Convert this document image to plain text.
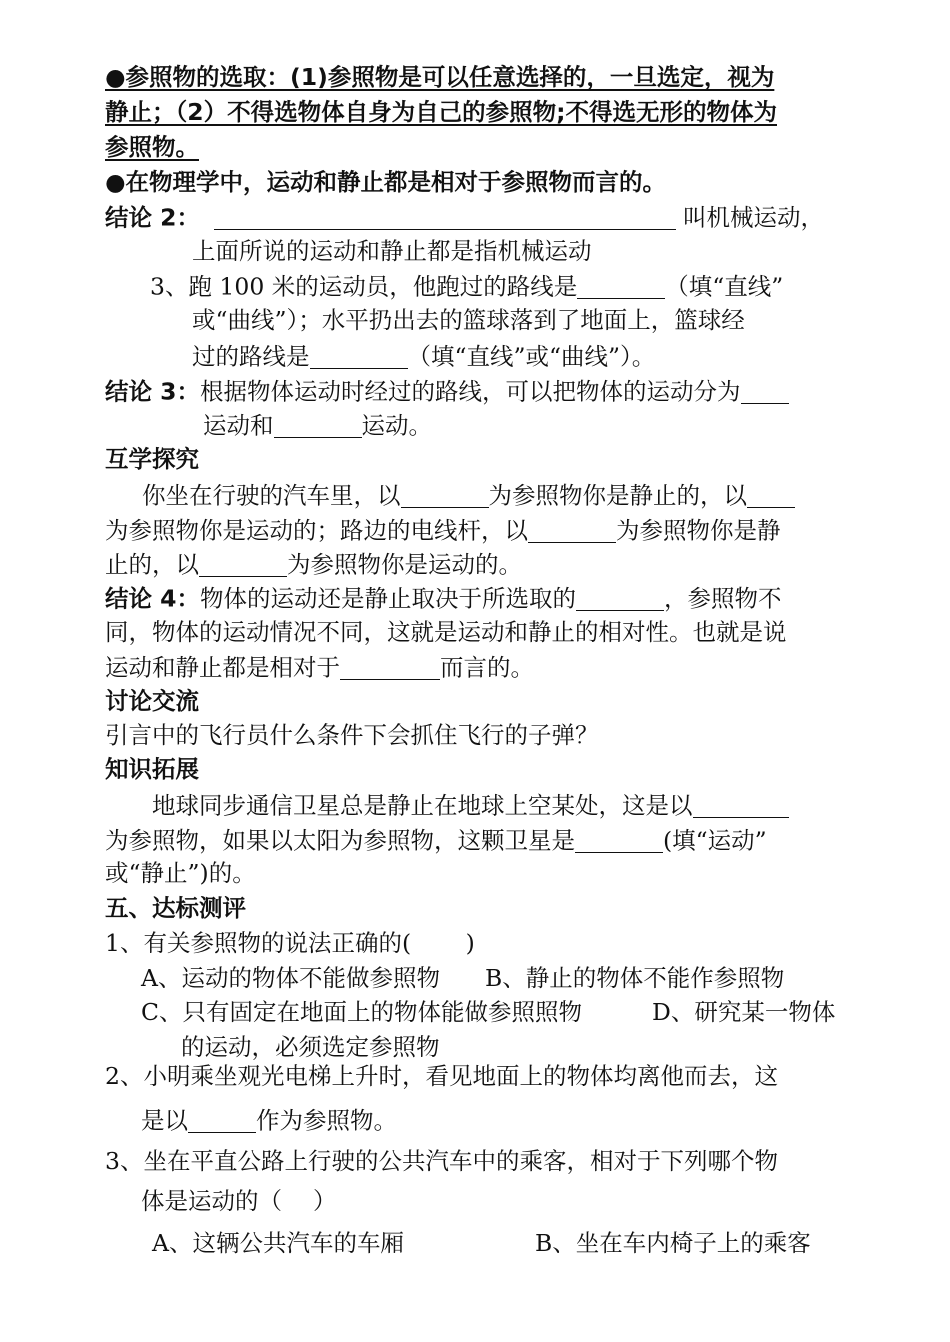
●参照物的选取：(1)参照物是可以任意选择的，一旦选定，视为
静止；（2）不得选物体自身为自己的参照物;不得选无形的物体为
参照物。
●在物理学中，运动和静止都是相对于参照物而言的。
结论 2：	叫机械运动，
上面所说的运动和静止都是指机械运动
3、跑 100 米的运动员，他跑过的路线是	（填“直线”
或“曲线”）；水平扔出去的篮球落到了地面上，篮球经
过的路线是	（填“直线”或“曲线”）。
结论 3：根据物体运动时经过的路线，可以把物体的运动分为
运动和	运动。
互学探究
你坐在行驶的汽车里，以	为参照物你是静止的，以
为参照物你是运动的；路边的电线杆，以	为参照物你是静
止的，以	为参照物你是运动的。
结论 4：物体的运动还是静止取决于所选取的	，参照物不
同，物体的运动情况不同，这就是运动和静止的相对性。也就是说
运动和静止都是相对于	而言的。
讨论交流
引言中的飞行员什么条件下会抓住飞行的子弹？
知识拓展
地球同步通信卫星总是静止在地球上空某处，这是以
为参照物，如果以太阳为参照物，这颗卫星是	(填“运动”
或“静止”)的。
五、达标测评
1、有关参照物的说法正确的(　　 )
A、运动的物体不能做参照物 B、静止的物体不能作参照物
C、只有固定在地面上的物体能做参照照物	D、研究某一物体
的运动，必须选定参照物
2、小明乘坐观光电梯上升时，看见地面上的物体均离他而去，这
是以	作为参照物。
3、坐在平直公路上行驶的公共汽车中的乘客，相对于下列哪个物
体是运动的（　 ）
A、这辆公共汽车的车厢	B、坐在车内椅子上的乘客
